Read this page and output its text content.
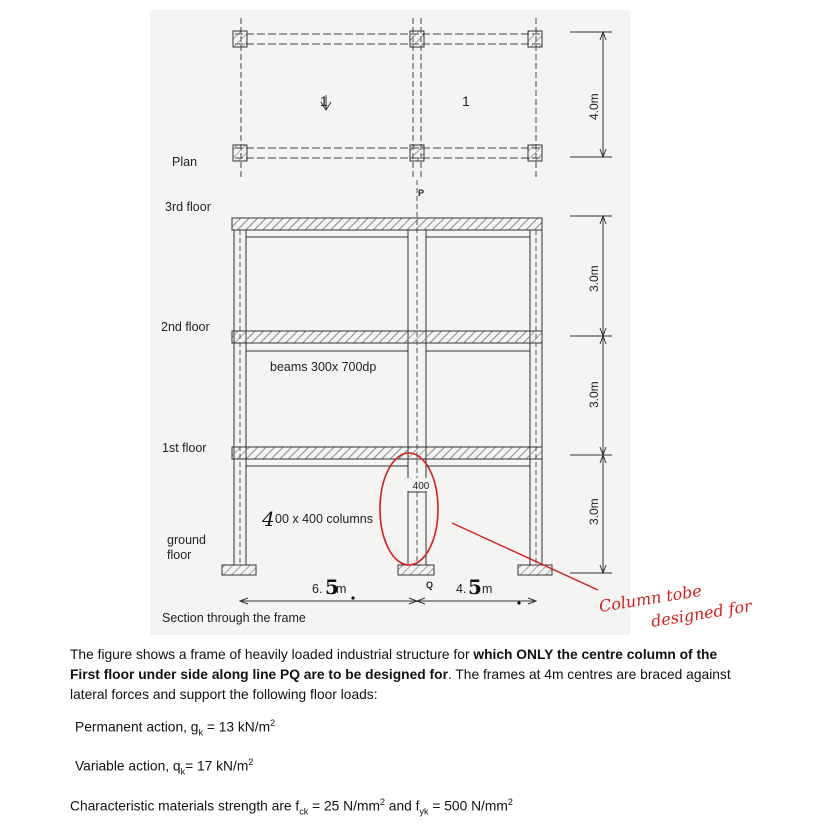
1	1
Plan
P
4.0m
3.0m
3.0m
3.0m
400
3rd floor
2nd floor
1st floor
ground
floor
beams 300x 700dp
00 x 400 columns
4
6. 5
m	Q 4. 5 m
Section through the frame
Column tobe
designed for

The figure shows a frame of heavily loaded industrial structure for which ONLY the centre column of the First floor under side along line PQ are to be designed for. The frames at 4m centres are braced against lateral forces and support the following floor loads:

Permanent action, $g_k = 13$ $kN/m^2$

Variable action, $q_k= 17$ $kN/m^2$

Characteristic materials strength are $f_{ck} = 25$ $N/mm^2$ and $f_{yk} = 500$ $N/mm^2$
